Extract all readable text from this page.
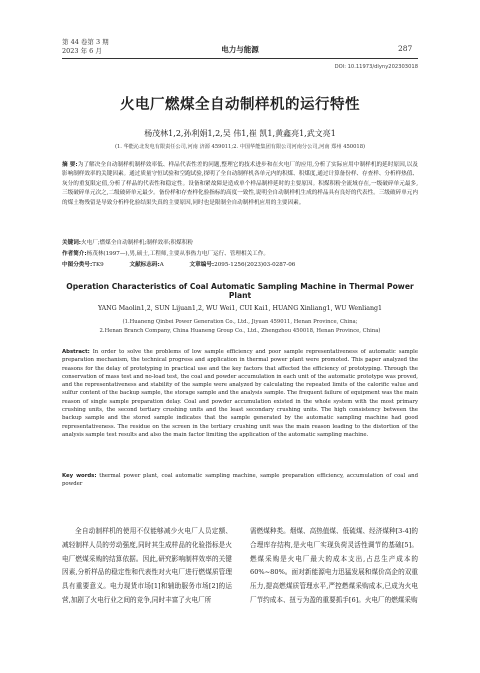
第 44 卷第 3 期
2023 年 6 月	电力与能源	287
DOI: 10.11973/dlyny202303018
火电厂燃煤全自动制样机的运行特性
杨茂林1,2,孙利娟1,2,吴 伟1,崔 凯1,黄鑫亮1,武文亮1
(1. 华能沁北发电有限责任公司,河南 济源 459011;2. 中国华能集团有限公司河南分公司,河南 郑州 450018)
摘 要:为了解决全自动制样机制样效率低、样品代表性差的问题,整理它的技术进步和在火电厂的应用,分析了实际应用中制样机的延时原因,以及影响制样效率的关键因素。通过质量守恒试验和空跑试验,探明了全自动制样机各单元内的积煤、积煤度,通过计算备份样、存查样、分析样热值、灰分的重复限定值,分析了样品的代表性和稳定性。设备和紧故障是造成单个样品制样延时的主要原因。积煤积粉全流域存在,一级破碎单元最多,三级破碎单元次之,二级破碎单元最少。备份样和存查样化验指标的高度一致性,说明全自动制样机生成的样品具有良好的代表性。三级破碎单元内的煤土物残留是导致分析样化验结果失真的主要原因,同时也是限制全自动制样机应用的主要因素。
关键词:火电厂;燃煤全自动制样机;制样效率;积煤积粉
作者简介:杨茂林(1997—),男,硕士,工程师,主要从事热力电厂运行、管理相关工作。
中图分类号:TK9	文献标志码:A	文章编号:2095-1256(2023)03-0287-06
Operation Characteristics of Coal Automatic Sampling Machine in Thermal Power Plant
YANG Maolin1,2, SUN Lijuan1,2, WU Wei1, CUI Kai1, HUANG Xinliang1, WU Wenliang1
(1.Huaneng Qinbei Power Generation Co., Ltd., Jiyuan 459011, Henan Province, China;
2.Henan Branch Company, China Huaneng Group Co., Ltd., Zhengzhou 450018, Henan Province, China)
Abstract: In order to solve the problems of low sample efficiency and poor sample representativeness of automatic sample preparation mechanism, the technical progress and application in thermal power plant were promoted. This paper analyzed the reasons for the delay of prototyping in practical use and the key factors that affected the efficiency of prototyping. Through the conservation of mass test and no-load test, the coal and powder accumulation in each unit of the automatic prototype was proved, and the representativeness and stability of the sample were analyzed by calculating the repeated limits of the calorific value and sulfur content of the backup sample, the storage sample and the analysis sample. The frequent failure of equipment was the main reason of single sample preparation delay. Coal and powder accumulation existed in the whole system with the most primary crushing units, the second tertiary crushing units and the least secondary crushing units. The high consistency between the backup sample and the stored sample indicates that the sample generated by the automatic sampling machine had good representativeness. The residue on the screen in the tertiary crushing unit was the main reason leading to the distortion of the analysis sample test results and also the main factor limiting the application of the automatic sampling machine.
Key words: thermal power plant, coal automatic sampling machine, sample preparation efficiency, accumulation of coal and powder
全自动制样机的使用不仅能够减少火电厂人员定额、减轻制样人员的劳动强度,同时其生成样品的化验指标是火电厂燃煤采购的结算依据。因此,研究影响制样效率的关键因素,分析样品的稳定性和代表性对火电厂进行燃煤质管理具有重要意义。电力现货市场[1]和辅助服务市场[2]的运营,加剧了火电行业之间的竞争,同时丰富了火电厂所
需燃煤种类。烟煤、高热值煤、低硫煤、经济煤种[3-4]的合理库存结构,是火电厂实现负荷灵活性调节的基础[5]。燃煤采购是火电厂最大的成本支出,占总生产成本的60%~80%。面对新能源电力迅猛发展和煤价高企的双重压力,提高燃煤质管理水平,严控燃煤采购成本,已成为火电厂节约成本、扭亏为盈的重要抓手[6]。火电厂的燃煤采购
